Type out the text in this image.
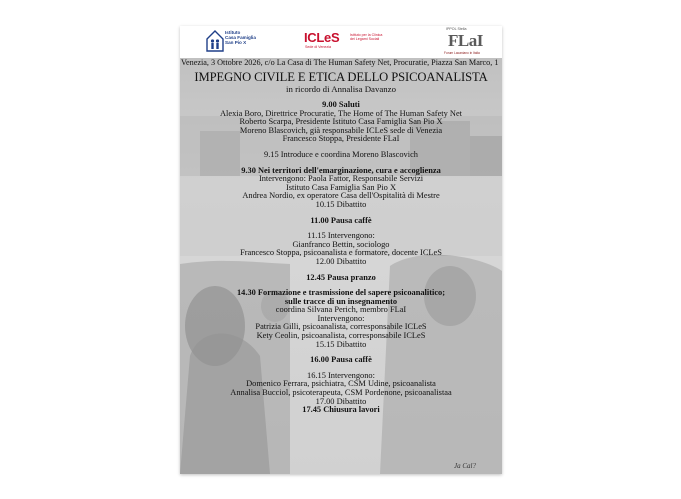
Istituto
Casa Famiglia
San Pio X	ICLeS
Sede di Venezia
Istituto per la Clinica
dei Legami Sociali
IPPOL Stella
FLaI
Forum Lacaniano in Italia
Venezia, 3 Ottobre 2026, c/o La Casa di The Human Safety Net, Procuratie, Piazza San Marco, 1
IMPEGNO CIVILE E ETICA DELLO PSICOANALISTA
in ricordo di Annalisa Davanzo
9.00 Saluti
Alexia Boro, Direttrice Procuratie, The Home of The Human Safety Net
Roberto Scarpa, Presidente Istituto Casa Famiglia San Pio X
Moreno Blascovich, già responsabile ICLeS sede di Venezia
Francesco Stoppa, Presidente FLaI
9.15 Introduce e coordina Moreno Blascovich
9.30 Nei territori dell'emarginazione, cura e accoglienza
Intervengono: Paola Fattor, Responsabile Servizi
Istituto Casa Famiglia San Pio X
Andrea Nordio, ex operatore Casa dell'Ospitalità di Mestre
10.15 Dibattito
11.00 Pausa caffè
11.15 Intervengono:
Gianfranco Bettin, sociologo
Francesco Stoppa, psicoanalista e formatore, docente ICLeS
12.00 Dibattito
12.45 Pausa pranzo
14.30 Formazione e trasmissione del sapere psicoanalitico;
sulle tracce di un insegnamento
coordina Silvana Perich, membro FLaI
Intervengono:
Patrizia Gilli, psicoanalista, corresponsabile ICLeS
Kety Ceolin, psicoanalista, corresponsabile ICLeS
15.15 Dibattito
16.00 Pausa caffè
16.15 Intervengono:
Domenico Ferrara, psichiatra, CSM Udine, psicoanalista
Annalisa Bucciol, psicoterapeuta, CSM Pordenone, psicoanalistaa
17.00 Dibattito
17.45 Chiusura lavori
Ja Cal?
